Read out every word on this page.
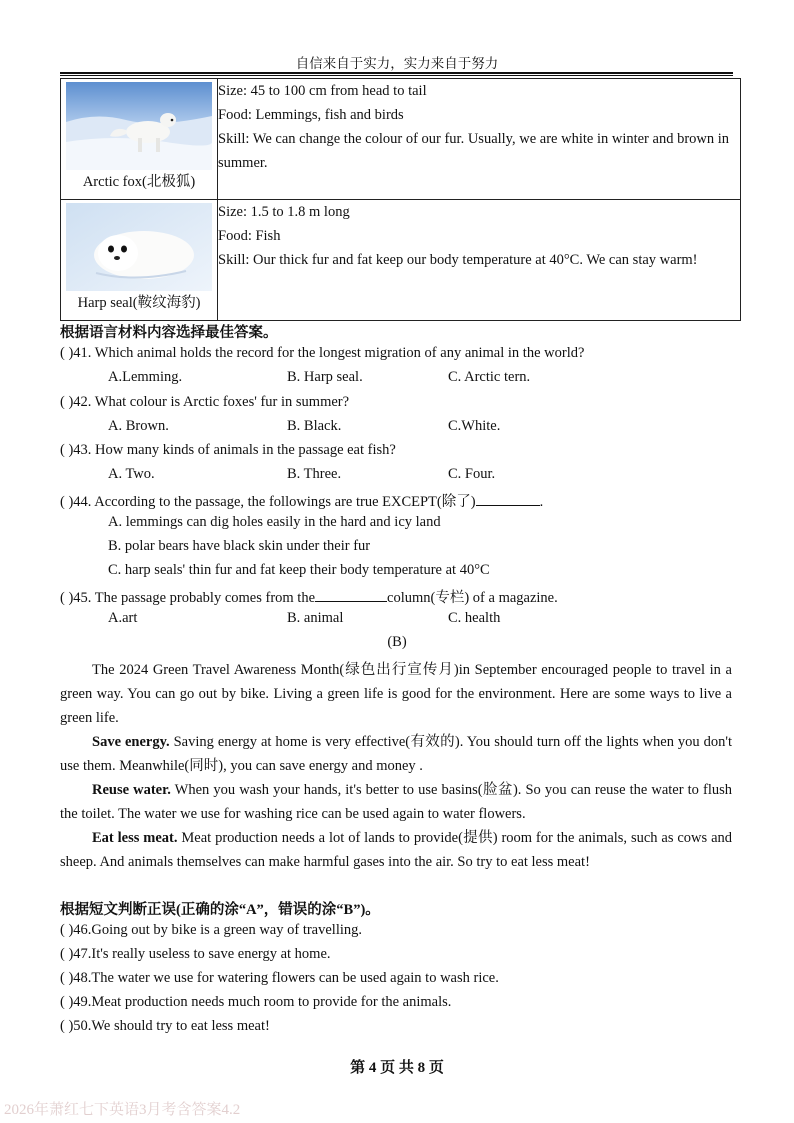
自信来自于实力，实力来自于努力
Arctic fox(北极狐)	Size: 45 to 100 cm from head to tail
Food: Lemmings, fish and birds
Skill: We can change the colour of our fur. Usually, we are white in winter and brown in summer.

Harp seal(鞍纹海豹)	Size: 1.5 to 1.8 m long
Food: Fish
Skill: Our thick fur and fat keep our body temperature at 40°C. We can stay warm!
根据语言材料内容选择最佳答案。
( )41. Which animal holds the record for the longest migration of any animal in the world?
A.Lemming.	B. Harp seal.	C. Arctic tern.
( )42. What colour is Arctic foxes' fur in summer?
A. Brown.	B. Black.	C.White.
( )43. How many kinds of animals in the passage eat fish?
A. Two.	B. Three.	C. Four.
( )44. According to the passage, the followings are true EXCEPT(除了)	.
A. lemmings can dig holes easily in the hard and icy land
B. polar bears have black skin under their fur
C. harp seals' thin fur and fat keep their body temperature at 40°C
( )45. The passage probably comes from the	column(专栏) of a magazine.
A.art	B. animal	C. health
(B)
The 2024 Green Travel Awareness Month(绿色出行宣传月)in September encouraged people to travel in a green way. You can go out by bike. Living a green life is good for the environment. Here are some ways to live a green life.
Save energy. Saving energy at home is very effective(有效的). You should turn off the lights when you don't use them. Meanwhile(同时), you can save energy and money .
Reuse water. When you wash your hands, it's better to use basins(脸盆). So you can reuse the water to flush the toilet. The water we use for washing rice can be used again to water flowers.
Eat less meat. Meat production needs a lot of lands to provide(提供) room for the animals, such as cows and sheep. And animals themselves can make harmful gases into the air. So try to eat less meat!
根据短文判断正误(正确的涂“A”，错误的涂“B”)。
( )46.Going out by bike is a green way of travelling.
( )47.It's really useless to save energy at home.
( )48.The water we use for watering flowers can be used again to wash rice.
( )49.Meat production needs much room to provide for the animals.
( )50.We should try to eat less meat!
第 4 页 共 8 页
2026年萧红七下英语3月考含答案4.2
